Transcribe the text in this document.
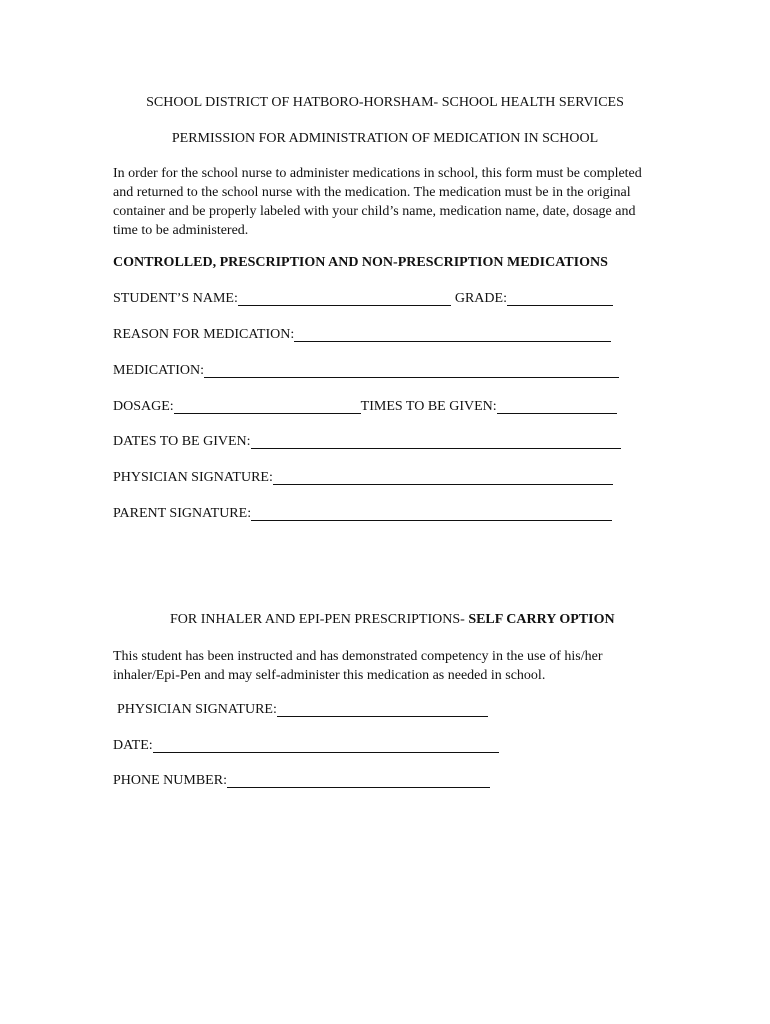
SCHOOL DISTRICT OF HATBORO-HORSHAM- SCHOOL HEALTH SERVICES
PERMISSION FOR ADMINISTRATION OF MEDICATION IN SCHOOL
In order for the school nurse to administer medications in school, this form must be completed and returned to the school nurse with the medication. The medication must be in the original container and be properly labeled with your child’s name, medication name, date, dosage and time to be administered.
CONTROLLED, PRESCRIPTION AND NON-PRESCRIPTION MEDICATIONS
STUDENT’S NAME:	GRADE:
REASON FOR MEDICATION:
MEDICATION:
DOSAGE:	TIMES TO BE GIVEN:
DATES TO BE GIVEN:
PHYSICIAN SIGNATURE:
PARENT SIGNATURE:
FOR INHALER AND EPI-PEN PRESCRIPTIONS- SELF CARRY OPTION
This student has been instructed and has demonstrated competency in the use of his/her inhaler/Epi-Pen and may self-administer this medication as needed in school.
PHYSICIAN SIGNATURE:
DATE:
PHONE NUMBER:
